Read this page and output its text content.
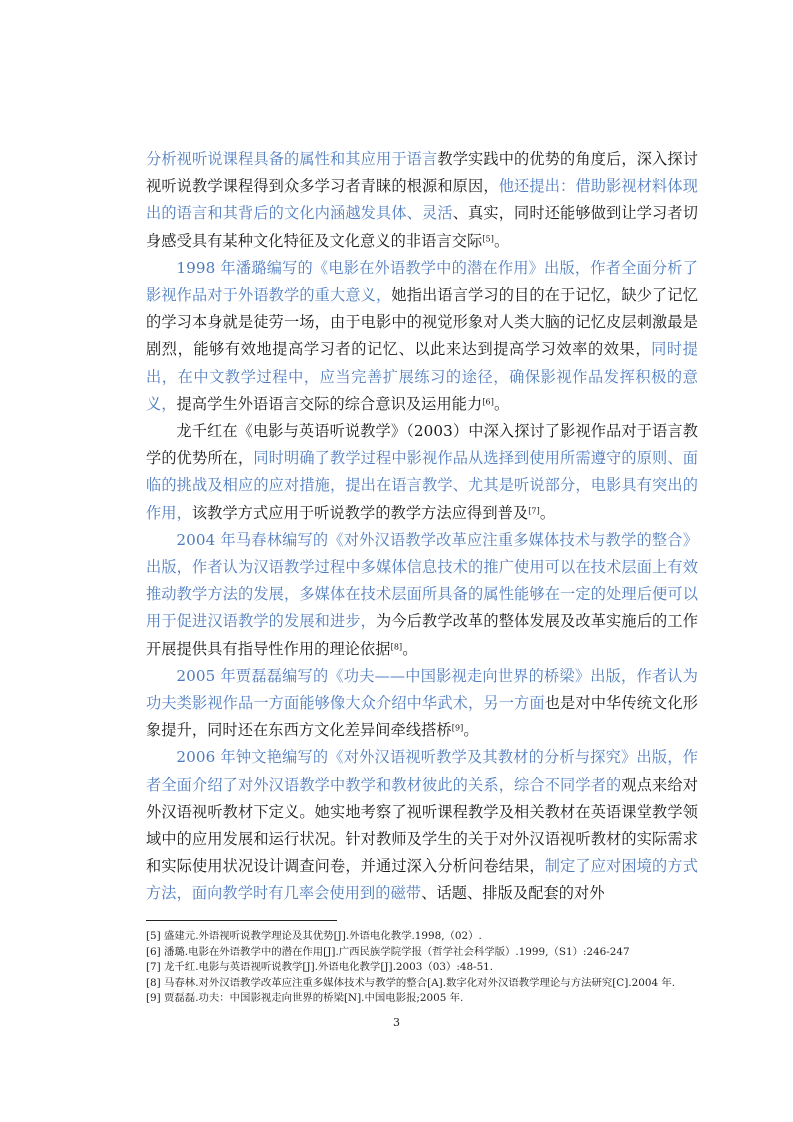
分析视听说课程具备的属性和其应用于语言教学实践中的优势的角度后，深入探讨视听说教学课程得到众多学习者青睐的根源和原因，他还提出：借助影视材料体现出的语言和其背后的文化内涵越发具体、灵活、真实，同时还能够做到让学习者切身感受具有某种文化特征及文化意义的非语言交际[5]。

1998 年潘璐编写的《电影在外语教学中的潜在作用》出版，作者全面分析了影视作品对于外语教学的重大意义，她指出语言学习的目的在于记忆，缺少了记忆的学习本身就是徒劳一场，由于电影中的视觉形象对人类大脑的记忆皮层刺激最是剧烈，能够有效地提高学习者的记忆、以此来达到提高学习效率的效果，同时提出，在中文教学过程中，应当完善扩展练习的途径，确保影视作品发挥积极的意义，提高学生外语语言交际的综合意识及运用能力[6]。

龙千红在《电影与英语听说教学》（2003）中深入探讨了影视作品对于语言教学的优势所在，同时明确了教学过程中影视作品从选择到使用所需遵守的原则、面临的挑战及相应的应对措施，提出在语言教学、尤其是听说部分，电影具有突出的作用，该教学方式应用于听说教学的教学方法应得到普及[7]。

2004 年马春林编写的《对外汉语教学改革应注重多媒体技术与教学的整合》出版，作者认为汉语教学过程中多媒体信息技术的推广使用可以在技术层面上有效推动教学方法的发展，多媒体在技术层面所具备的属性能够在一定的处理后便可以用于促进汉语教学的发展和进步，为今后教学改革的整体发展及改革实施后的工作开展提供具有指导性作用的理论依据[8]。

2005 年贾磊磊编写的《功夫——中国影视走向世界的桥梁》出版，作者认为功夫类影视作品一方面能够像大众介绍中华武术，另一方面也是对中华传统文化形象提升，同时还在东西方文化差异间牵线搭桥[9]。

2006 年钟文艳编写的《对外汉语视听教学及其教材的分析与探究》出版，作者全面介绍了对外汉语教学中教学和教材彼此的关系，综合不同学者的观点来给对外汉语视听教材下定义。她实地考察了视听课程教学及相关教材在英语课堂教学领域中的应用发展和运行状况。针对教师及学生的关于对外汉语视听教材的实际需求和实际使用状况设计调查问卷，并通过深入分析问卷结果，制定了应对困境的方式方法，面向教学时有几率会使用到的磁带、话题、排版及配套的对外

[5] 盛建元.外语视听说教学理论及其优势[J].外语电化教学.1998,（02）.
[6] 潘璐.电影在外语教学中的潜在作用[J].广西民族学院学报（哲学社会科学版）.1999,（S1）:246-247
[7] 龙千红.电影与英语视听说教学[J].外语电化教学[J].2003（03）:48-51.
[8] 马春林.对外汉语教学改革应注重多媒体技术与教学的整合[A].数字化对外汉语教学理论与方法研究[C].2004 年.
[9] 贾磊磊.功夫：中国影视走向世界的桥梁[N].中国电影报;2005 年.
3
